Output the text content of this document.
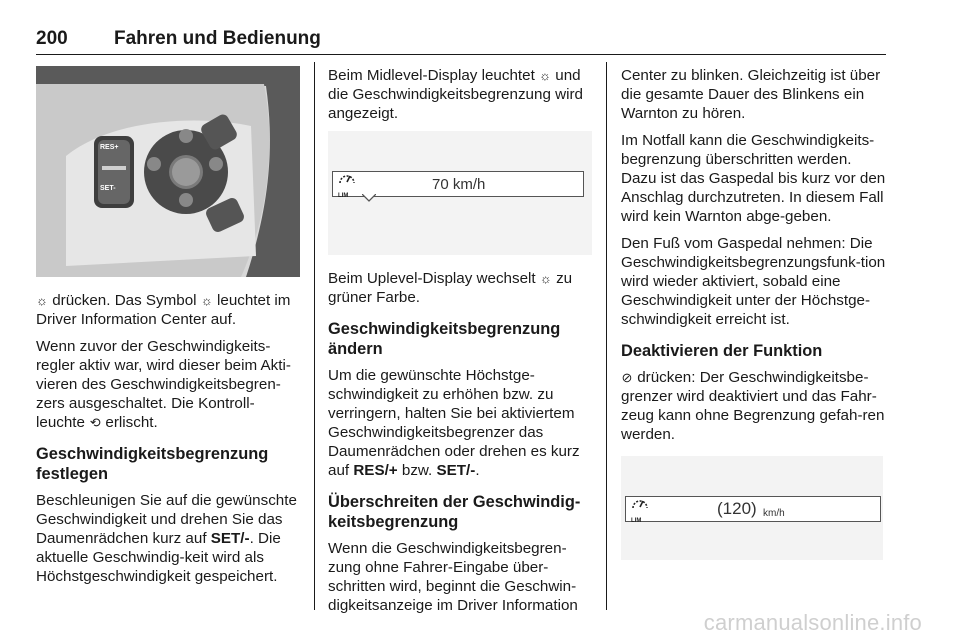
200 Fahren und Bedienung
RES+
SET-

☼ drücken. Das Symbol ☼ leuchtet im Driver Information Center auf.

Wenn zuvor der Geschwindigkeits-regler aktiv war, wird dieser beim Akti-vieren des Geschwindigkeitsbegren-zers ausgeschaltet. Die Kontroll-leuchte ⟲ erlischt.

Geschwindigkeitsbegrenzung festlegen

Beschleunigen Sie auf die gewünschte Geschwindigkeit und drehen Sie das Daumenrädchen kurz auf SET/-. Die aktuelle Geschwindig-keit wird als Höchstgeschwindigkeit gespeichert.

Beim Midlevel-Display leuchtet ☼ und die Geschwindigkeitsbegrenzung wird angezeigt.

LIM
70 km/h

Beim Uplevel-Display wechselt ☼ zu grüner Farbe.

Geschwindigkeitsbegrenzung ändern

Um die gewünschte Höchstge-schwindigkeit zu erhöhen bzw. zu verringern, halten Sie bei aktiviertem Geschwindigkeitsbegrenzer das Daumenrädchen oder drehen es kurz auf RES/+ bzw. SET/-.

Überschreiten der Geschwindig-keitsbegrenzung

Wenn die Geschwindigkeitsbegren-zung ohne Fahrer-Eingabe über-schritten wird, beginnt die Geschwin-digkeitsanzeige im Driver Information

Center zu blinken. Gleichzeitig ist über die gesamte Dauer des Blinkens ein Warnton zu hören.

Im Notfall kann die Geschwindigkeits-begrenzung überschritten werden. Dazu ist das Gaspedal bis kurz vor den Anschlag durchzutreten. In diesem Fall wird kein Warnton abge-geben.

Den Fuß vom Gaspedal nehmen: Die Geschwindigkeitsbegrenzungsfunk-tion wird wieder aktiviert, sobald eine Geschwindigkeit unter der Höchstge-schwindigkeit erreicht ist.

Deaktivieren der Funktion

⊘ drücken: Der Geschwindigkeitsbe-grenzer wird deaktiviert und das Fahr-zeug kann ohne Begrenzung gefah-ren werden.

LIM
(120) km/h
carmanualsonline.info
